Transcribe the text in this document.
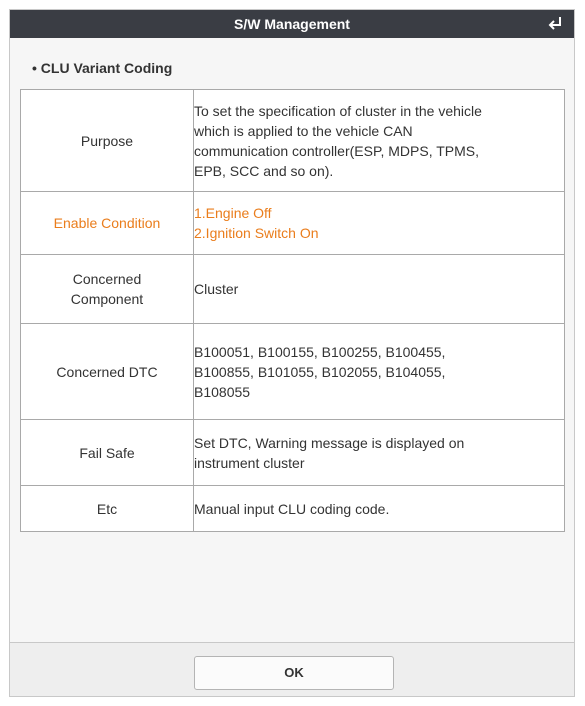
S/W Management
• CLU Variant Coding
Purpose	To set the specification of cluster in the vehicle
which is applied to the vehicle CAN
communication controller(ESP, MDPS, TPMS,
EPB, SCC and so on).

Enable Condition	1.Engine Off
2.Ignition Switch On

Concerned
Component	Cluster

Concerned DTC	B100051, B100155, B100255, B100455,
B100855, B101055, B102055, B104055,
B108055

Fail Safe	Set DTC, Warning message is displayed on
instrument cluster

Etc	Manual input CLU coding code.
OK
